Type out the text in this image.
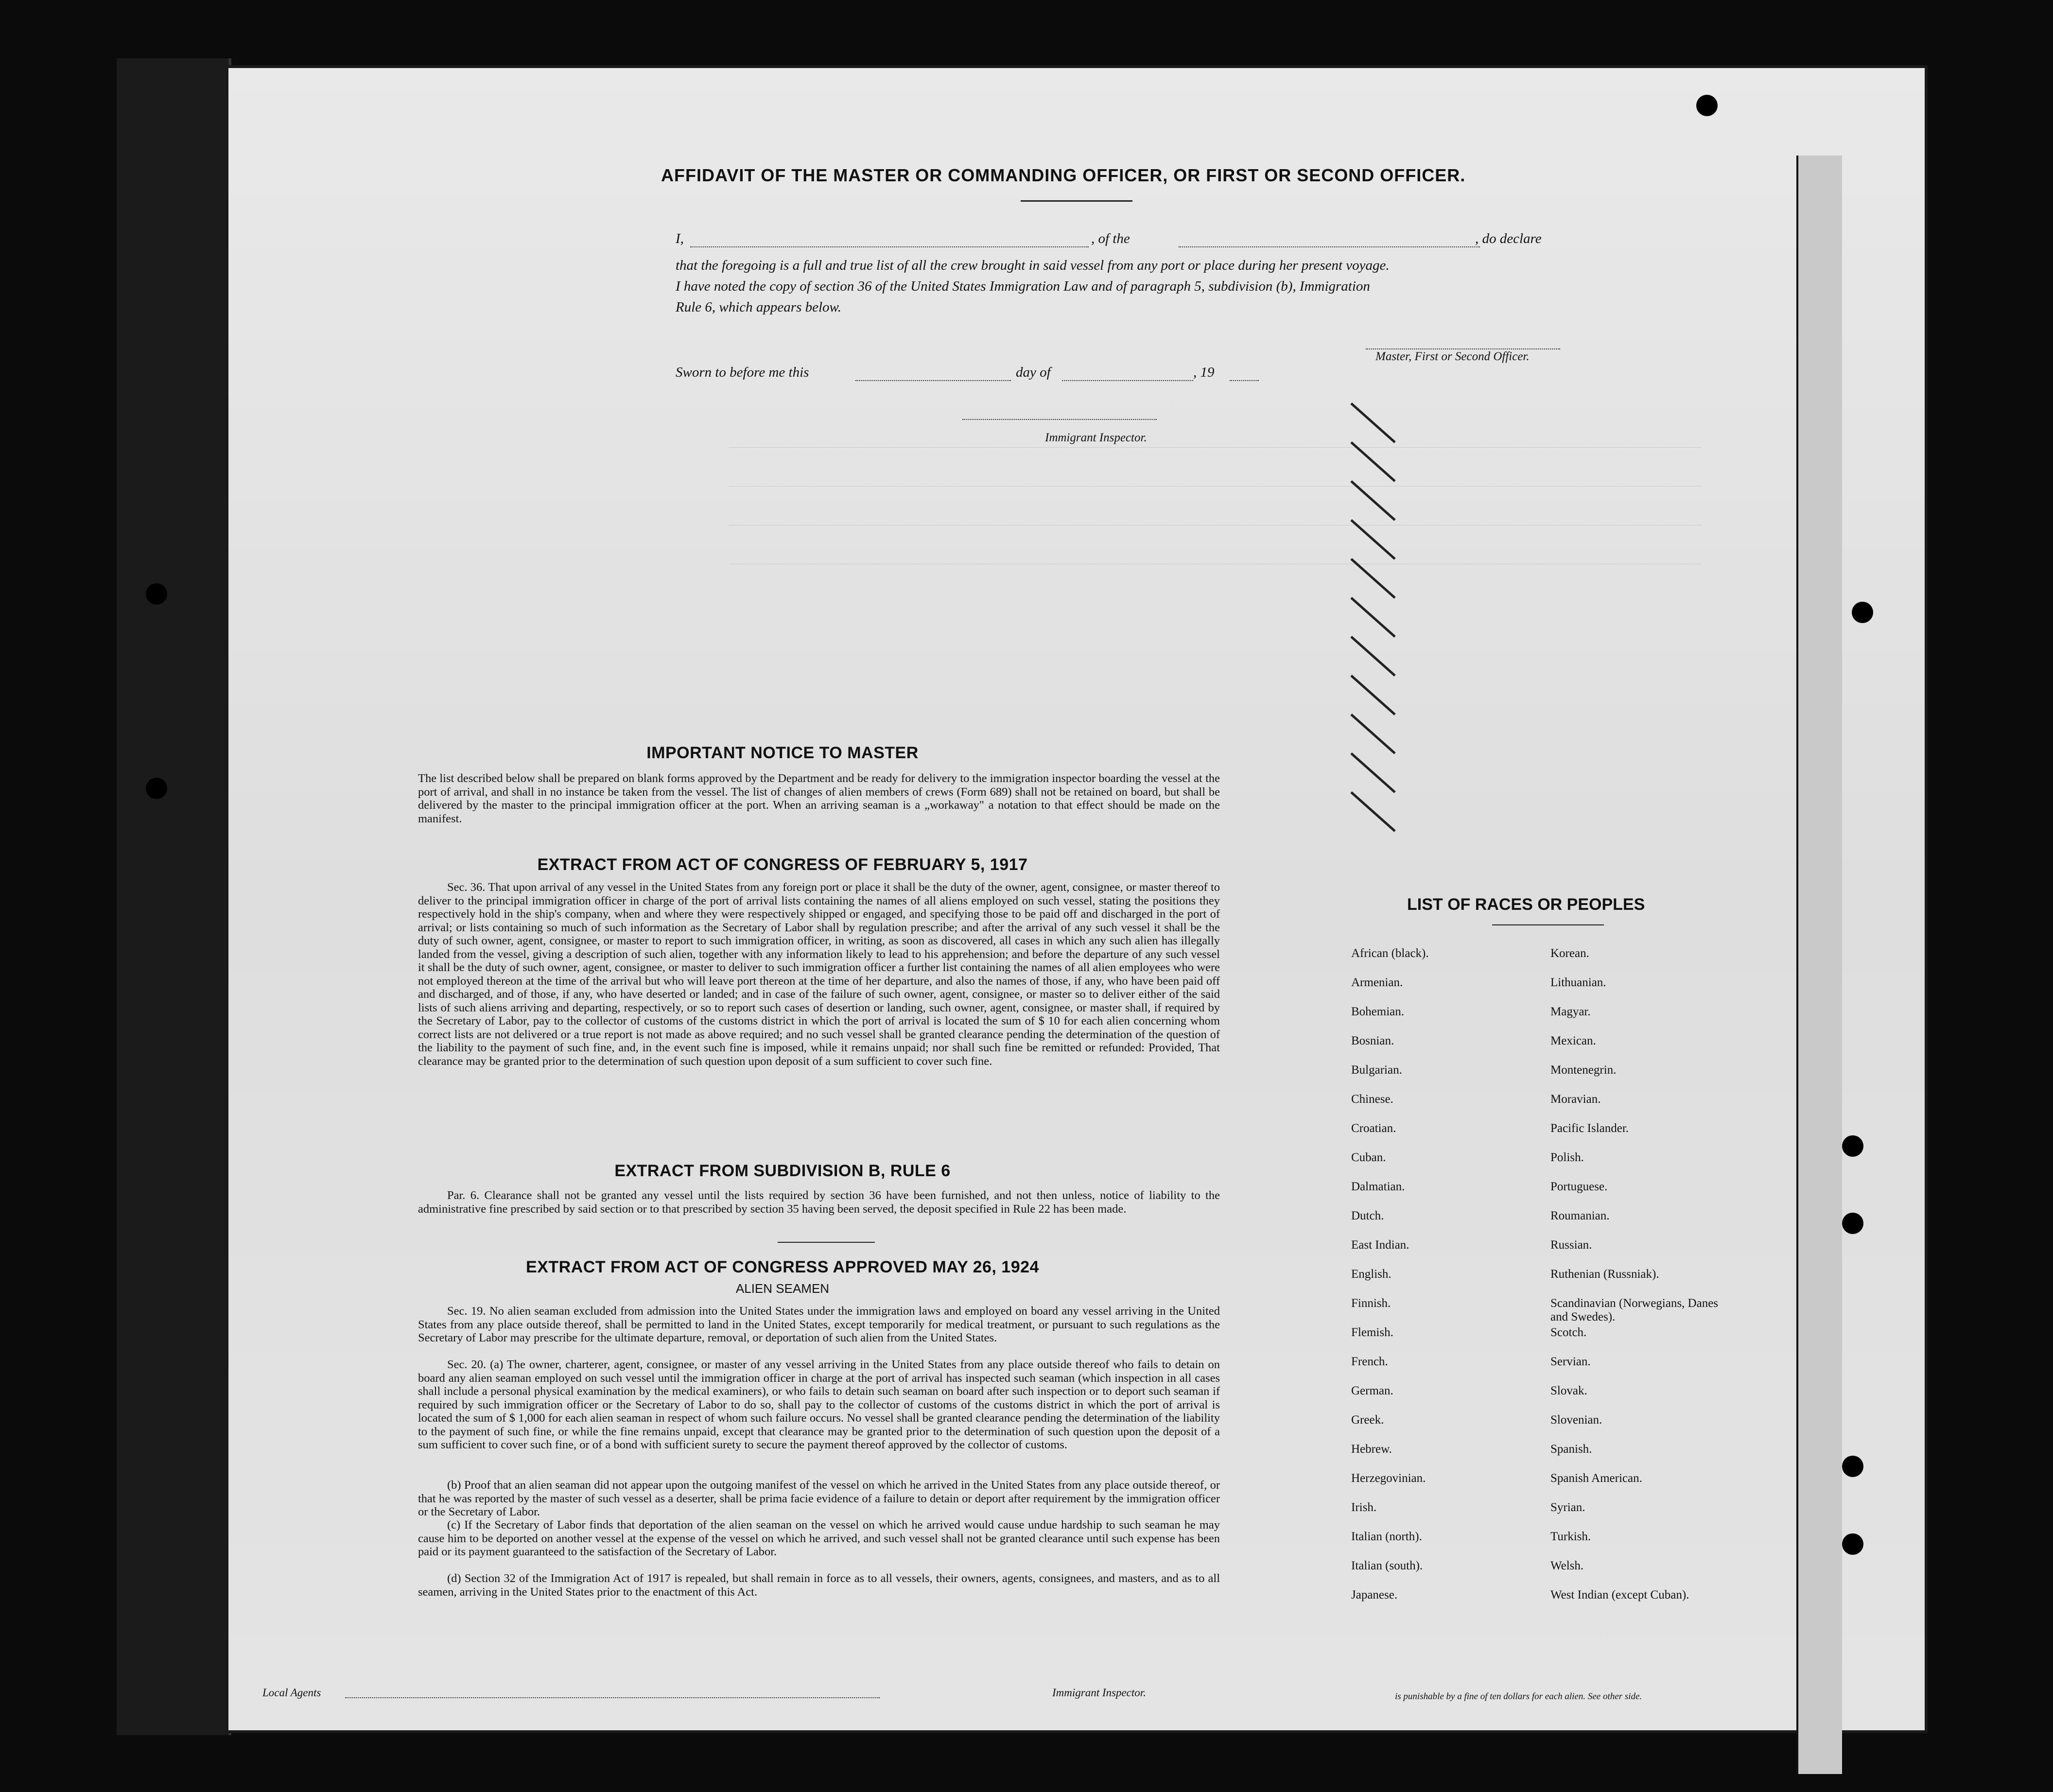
AFFIDAVIT OF THE MASTER OR COMMANDING OFFICER, OR FIRST OR SECOND OFFICER.
I,	, of the	, do declare
that the foregoing is a full and true list of all the crew brought in said vessel from any port or place during her present voyage.
I have noted the copy of section 36 of the United States Immigration Law and of paragraph 5, subdivision (b), Immigration
Rule 6, which appears below.
Master, First or Second Officer.
Sworn to before me this	day of	, 19
Immigrant Inspector.
IMPORTANT NOTICE TO MASTER
The list described below shall be prepared on blank forms approved by the Department and be ready for delivery to the immigration inspector boarding the vessel at the port of arrival, and shall in no instance be taken from the vessel. The list of changes of alien members of crews (Form 689) shall not be retained on board, but shall be delivered by the master to the principal immigration officer at the port. When an arriving seaman is a „workaway" a notation to that effect should be made on the manifest.
EXTRACT FROM ACT OF CONGRESS OF FEBRUARY 5, 1917
Sec. 36. That upon arrival of any vessel in the United States from any foreign port or place it shall be the duty of the owner, agent, consignee, or master thereof to deliver to the principal immigration officer in charge of the port of arrival lists containing the names of all aliens employed on such vessel, stating the positions they respectively hold in the ship's company, when and where they were respectively shipped or engaged, and specifying those to be paid off and discharged in the port of arrival; or lists containing so much of such information as the Secretary of Labor shall by regulation prescribe; and after the arrival of any such vessel it shall be the duty of such owner, agent, consignee, or master to report to such immigration officer, in writing, as soon as discovered, all cases in which any such alien has illegally landed from the vessel, giving a description of such alien, together with any information likely to lead to his apprehension; and before the departure of any such vessel it shall be the duty of such owner, agent, consignee, or master to deliver to such immigration officer a further list containing the names of all alien employees who were not employed thereon at the time of the arrival but who will leave port thereon at the time of her departure, and also the names of those, if any, who have been paid off and discharged, and of those, if any, who have deserted or landed; and in case of the failure of such owner, agent, consignee, or master so to deliver either of the said lists of such aliens arriving and departing, respectively, or so to report such cases of desertion or landing, such owner, agent, consignee, or master shall, if required by the Secretary of Labor, pay to the collector of customs of the customs district in which the port of arrival is located the sum of $ 10 for each alien concerning whom correct lists are not delivered or a true report is not made as above required; and no such vessel shall be granted clearance pending the determination of the question of the liability to the payment of such fine, and, in the event such fine is imposed, while it remains unpaid; nor shall such fine be remitted or refunded: Provided, That clearance may be granted prior to the determination of such question upon deposit of a sum sufficient to cover such fine.
EXTRACT FROM SUBDIVISION B, RULE 6
Par. 6. Clearance shall not be granted any vessel until the lists required by section 36 have been furnished, and not then unless, notice of liability to the administrative fine prescribed by said section or to that prescribed by section 35 having been served, the deposit specified in Rule 22 has been made.
EXTRACT FROM ACT OF CONGRESS APPROVED MAY 26, 1924
ALIEN SEAMEN
Sec. 19. No alien seaman excluded from admission into the United States under the immigration laws and employed on board any vessel arriving in the United States from any place outside thereof, shall be permitted to land in the United States, except temporarily for medical treatment, or pursuant to such regulations as the Secretary of Labor may prescribe for the ultimate departure, removal, or deportation of such alien from the United States.
Sec. 20. (a) The owner, charterer, agent, consignee, or master of any vessel arriving in the United States from any place outside thereof who fails to detain on board any alien seaman employed on such vessel until the immigration officer in charge at the port of arrival has inspected such seaman (which inspection in all cases shall include a personal physical examination by the medical examiners), or who fails to detain such seaman on board after such inspection or to deport such seaman if required by such immigration officer or the Secretary of Labor to do so, shall pay to the collector of customs of the customs district in which the port of arrival is located the sum of $ 1,000 for each alien seaman in respect of whom such failure occurs. No vessel shall be granted clearance pending the determination of the liability to the payment of such fine, or while the fine remains unpaid, except that clearance may be granted prior to the determination of such question upon the deposit of a sum sufficient to cover such fine, or of a bond with sufficient surety to secure the payment thereof approved by the collector of customs.
(b) Proof that an alien seaman did not appear upon the outgoing manifest of the vessel on which he arrived in the United States from any place outside thereof, or that he was reported by the master of such vessel as a deserter, shall be prima facie evidence of a failure to detain or deport after requirement by the immigration officer or the Secretary of Labor.
(c) If the Secretary of Labor finds that deportation of the alien seaman on the vessel on which he arrived would cause undue hardship to such seaman he may cause him to be deported on another vessel at the expense of the vessel on which he arrived, and such vessel shall not be granted clearance until such expense has been paid or its payment guaranteed to the satisfaction of the Secretary of Labor.
(d) Section 32 of the Immigration Act of 1917 is repealed, but shall remain in force as to all vessels, their owners, agents, consignees, and masters, and as to all seamen, arriving in the United States prior to the enactment of this Act.
LIST OF RACES OR PEOPLES
African (black).
Armenian.
Bohemian.
Bosnian.
Bulgarian.
Chinese.
Croatian.
Cuban.
Dalmatian.
Dutch.
East Indian.
English.
Finnish.
Flemish.
French.
German.
Greek.
Hebrew.
Herzegovinian.
Irish.
Italian (north).
Italian (south).
Japanese.
Korean.
Lithuanian.
Magyar.
Mexican.
Montenegrin.
Moravian.
Pacific Islander.
Polish.
Portuguese.
Roumanian.
Russian.
Ruthenian (Russniak).
Scandinavian (Norwegians, Danes and Swedes).
Scotch.
Servian.
Slovak.
Slovenian.
Spanish.
Spanish American.
Syrian.
Turkish.
Welsh.
West Indian (except Cuban).
Local Agents	Immigrant Inspector.	is punishable by a fine of ten dollars for each alien. See other side.
